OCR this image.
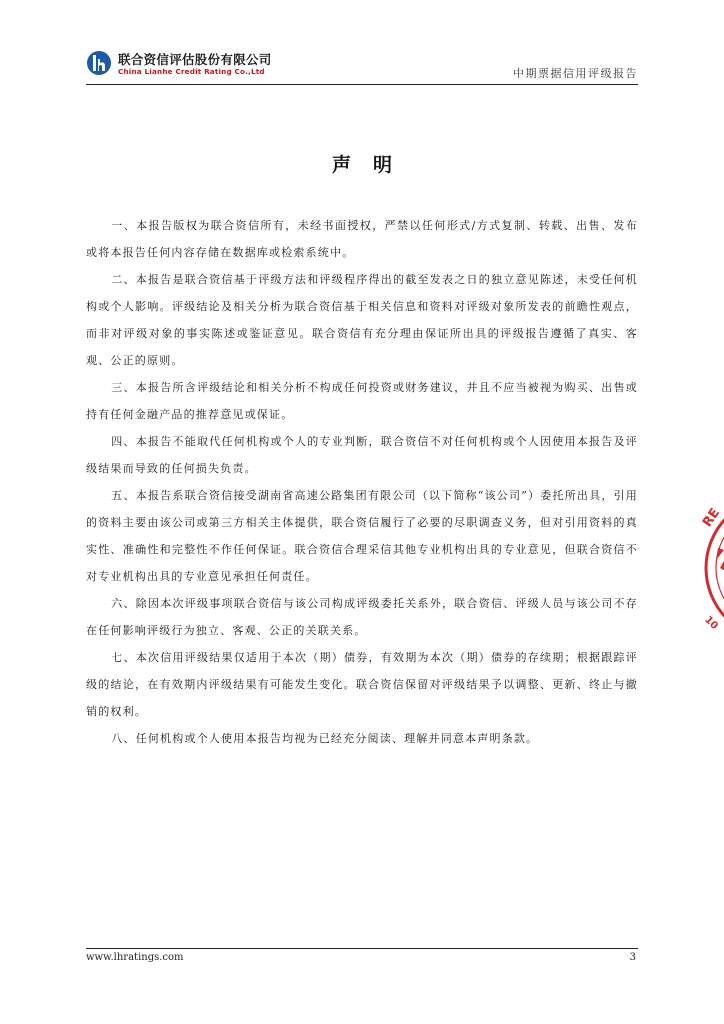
联合资信评估股份有限公司
China Lianhe Credit Rating Co.,Ltd	中期票据信用评级报告
声明

一、本报告版权为联合资信所有，未经书面授权，严禁以任何形式/方式复制、转载、出售、发布或将本报告任何内容存储在数据库或检索系统中。

二、本报告是联合资信基于评级方法和评级程序得出的截至发表之日的独立意见陈述，未受任何机构或个人影响。评级结论及相关分析为联合资信基于相关信息和资料对评级对象所发表的前瞻性观点，而非对评级对象的事实陈述或鉴证意见。联合资信有充分理由保证所出具的评级报告遵循了真实、客观、公正的原则。

三、本报告所含评级结论和相关分析不构成任何投资或财务建议，并且不应当被视为购买、出售或持有任何金融产品的推荐意见或保证。

四、本报告不能取代任何机构或个人的专业判断，联合资信不对任何机构或个人因使用本报告及评级结果而导致的任何损失负责。

五、本报告系联合资信接受湖南省高速公路集团有限公司（以下简称“该公司”）委托所出具，引用的资料主要由该公司或第三方相关主体提供，联合资信履行了必要的尽职调查义务，但对引用资料的真实性、准确性和完整性不作任何保证。联合资信合理采信其他专业机构出具的专业意见，但联合资信不对专业机构出具的专业意见承担任何责任。

六、除因本次评级事项联合资信与该公司构成评级委托关系外，联合资信、评级人员与该公司不存在任何影响评级行为独立、客观、公正的关联关系。

七、本次信用评级结果仅适用于本次（期）债券，有效期为本次（期）债券的存续期；根据跟踪评级的结论，在有效期内评级结果有可能发生变化。联合资信保留对评级结果予以调整、更新、终止与撤销的权利。

八、任何机构或个人使用本报告均视为已经充分阅读、理解并同意本声明条款。

RE
10
www.lhratings.com	3
